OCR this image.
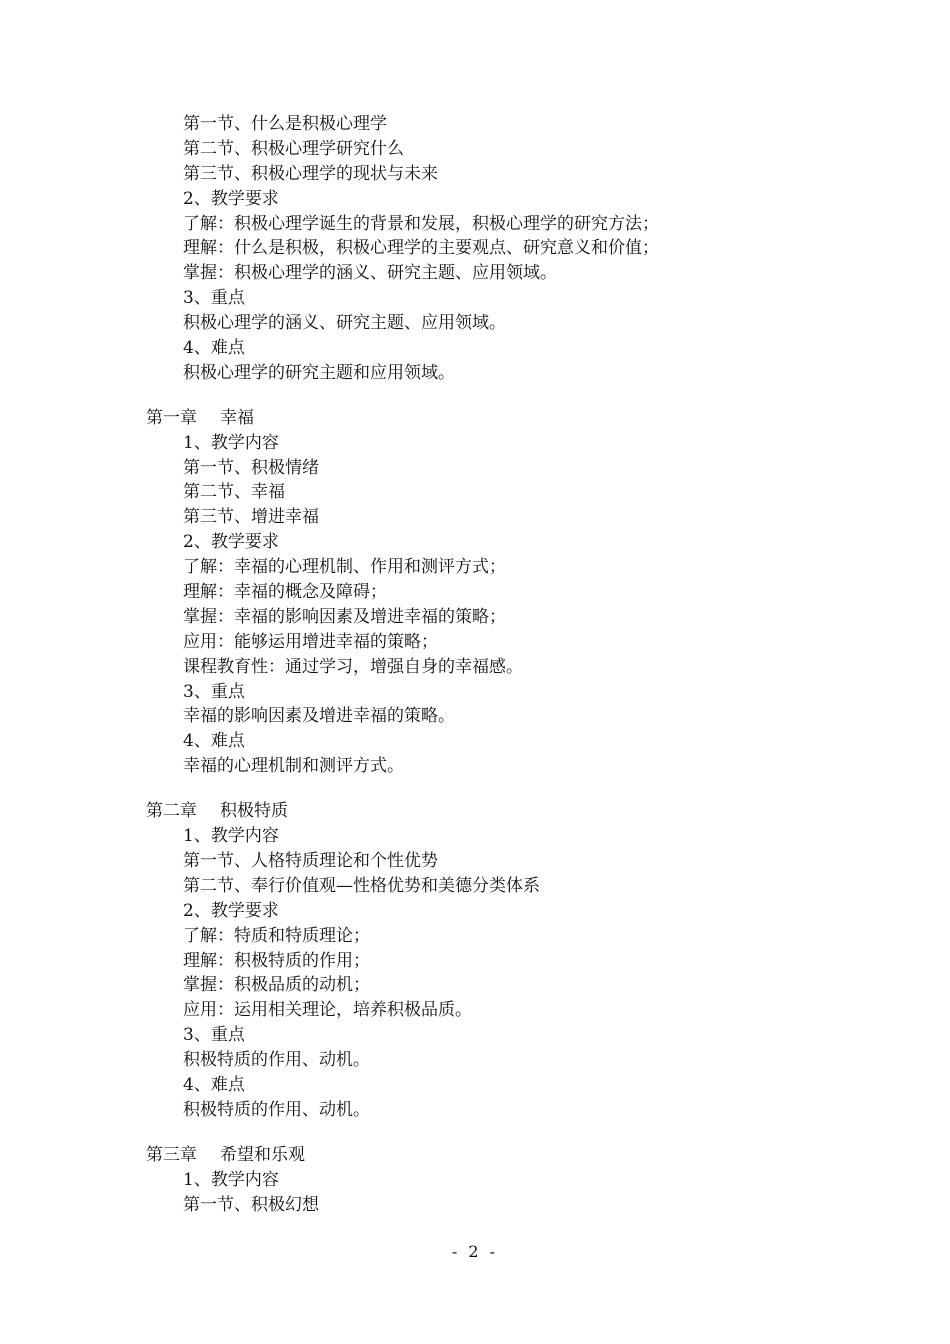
第一节、什么是积极心理学
第二节、积极心理学研究什么
第三节、积极心理学的现状与未来
2、教学要求
了解：积极心理学诞生的背景和发展，积极心理学的研究方法；
理解：什么是积极，积极心理学的主要观点、研究意义和价值；
掌握：积极心理学的涵义、研究主题、应用领域。
3、重点
积极心理学的涵义、研究主题、应用领域。
4、难点
积极心理学的研究主题和应用领域。
第一章 幸福
1、教学内容
第一节、积极情绪
第二节、幸福
第三节、增进幸福
2、教学要求
了解：幸福的心理机制、作用和测评方式；
理解：幸福的概念及障碍；
掌握：幸福的影响因素及增进幸福的策略；
应用：能够运用增进幸福的策略；
课程教育性：通过学习，增强自身的幸福感。
3、重点
幸福的影响因素及增进幸福的策略。
4、难点
幸福的心理机制和测评方式。
第二章 积极特质
1、教学内容
第一节、人格特质理论和个性优势
第二节、奉行价值观—性格优势和美德分类体系
2、教学要求
了解：特质和特质理论；
理解：积极特质的作用；
掌握：积极品质的动机；
应用：运用相关理论，培养积极品质。
3、重点
积极特质的作用、动机。
4、难点
积极特质的作用、动机。
第三章 希望和乐观
1、教学内容
第一节、积极幻想
- 2 -
